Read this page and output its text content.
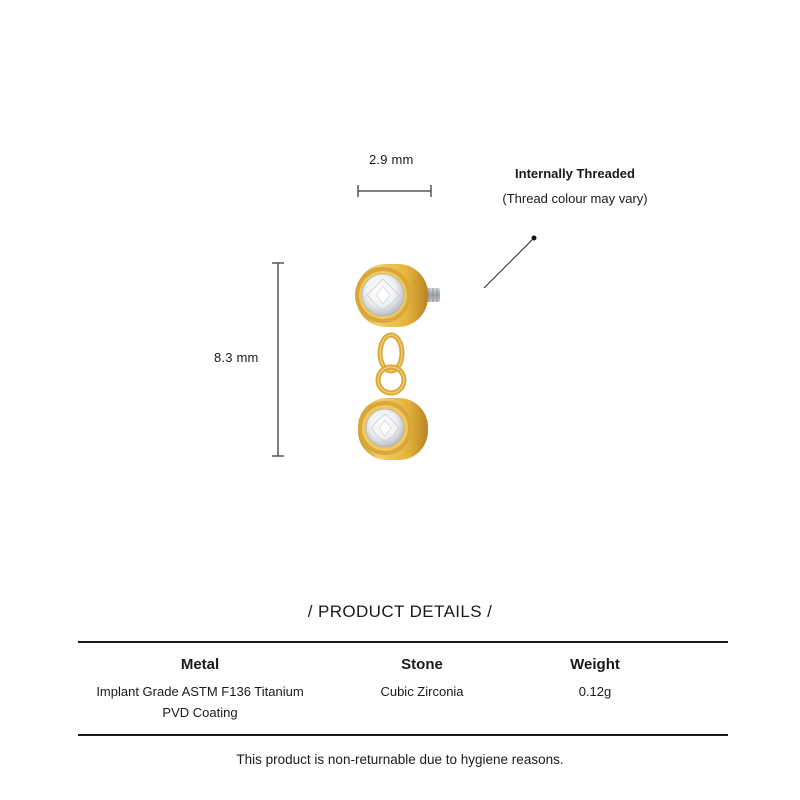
2.9 mm
8.3 mm
Internally Threaded
(Thread colour may vary)
/ PRODUCT DETAILS /
Metal
Implant Grade ASTM F136 Titanium
PVD Coating
Stone
Cubic Zirconia
Weight
0.12g
This product is non-returnable due to hygiene reasons.
